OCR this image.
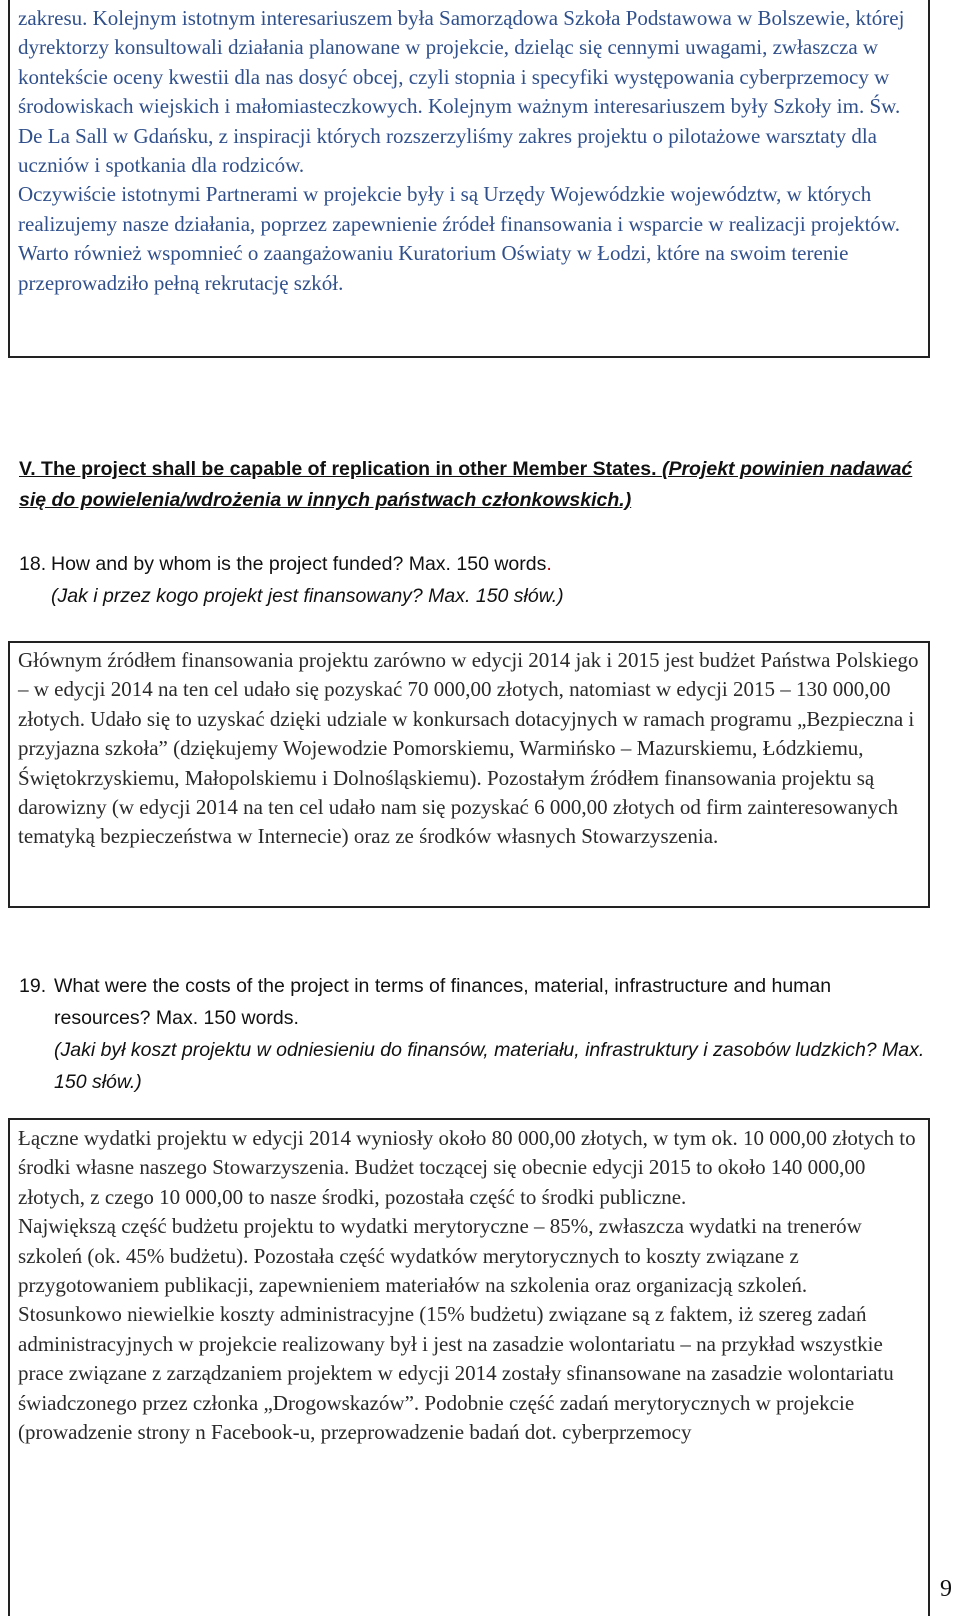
zakresu. Kolejnym istotnym interesariuszem była Samorządowa Szkoła Podstawowa w Bolszewie, której dyrektorzy konsultowali działania planowane w projekcie, dzieląc się cennymi uwagami, zwłaszcza w kontekście oceny kwestii dla nas dosyć obcej, czyli stopnia i specyfiki występowania cyberprzemocy w środowiskach wiejskich i małomiasteczkowych. Kolejnym ważnym interesariuszem były Szkoły im. Św. De La Sall w Gdańsku, z inspiracji których rozszerzyliśmy zakres projektu o pilotażowe warsztaty dla uczniów i spotkania dla rodziców.

Oczywiście istotnymi Partnerami w projekcie były i są Urzędy Wojewódzkie województw, w których realizujemy nasze działania, poprzez zapewnienie źródeł finansowania i wsparcie w realizacji projektów. Warto również wspomnieć o zaangażowaniu Kuratorium Oświaty w Łodzi, które na swoim terenie przeprowadziło pełną rekrutację szkół.

V. The project shall be capable of replication in other Member States. (Projekt powinien nadawać się do powielenia/wdrożenia w innych państwach członkowskich.)
18. How and by whom is the project funded? Max. 150 words.
(Jak i przez kogo projekt jest finansowany? Max. 150 słów.)

Głównym źródłem finansowania projektu zarówno w edycji 2014 jak i 2015 jest budżet Państwa Polskiego – w edycji 2014 na ten cel udało się pozyskać 70 000,00 złotych, natomiast w edycji 2015 – 130 000,00 złotych. Udało się to uzyskać dzięki udziale w konkursach dotacyjnych w ramach programu „Bezpieczna i przyjazna szkoła” (dziękujemy Wojewodzie Pomorskiemu, Warmińsko – Mazurskiemu, Łódzkiemu, Świętokrzyskiemu, Małopolskiemu i Dolnośląskiemu). Pozostałym źródłem finansowania projektu są darowizny (w edycji 2014 na ten cel udało nam się pozyskać 6 000,00 złotych od firm zainteresowanych tematyką bezpieczeństwa w Internecie) oraz ze środków własnych Stowarzyszenia.

19. What were the costs of the project in terms of finances, material, infrastructure and human resources? Max. 150 words.
(Jaki był koszt projektu w odniesieniu do finansów, materiału, infrastruktury i zasobów ludzkich? Max. 150 słów.)

Łączne wydatki projektu w edycji 2014 wyniosły około 80 000,00 złotych, w tym ok. 10 000,00 złotych to środki własne naszego Stowarzyszenia. Budżet toczącej się obecnie edycji 2015 to około 140 000,00 złotych, z czego 10 000,00 to nasze środki, pozostała część to środki publiczne.

Największą część budżetu projektu to wydatki merytoryczne – 85%, zwłaszcza wydatki na trenerów szkoleń (ok. 45% budżetu). Pozostała część wydatków merytorycznych to koszty związane z przygotowaniem publikacji, zapewnieniem materiałów na szkolenia oraz organizacją szkoleń.

Stosunkowo niewielkie koszty administracyjne (15% budżetu) związane są z faktem, iż szereg zadań administracyjnych w projekcie realizowany był i jest na zasadzie wolontariatu – na przykład wszystkie prace związane z zarządzaniem projektem w edycji 2014 zostały sfinansowane na zasadzie wolontariatu świadczonego przez członka „Drogowskazów”. Podobnie część zadań merytorycznych w projekcie (prowadzenie strony n Facebook-u, przeprowadzenie badań dot. cyberprzemocy

9
